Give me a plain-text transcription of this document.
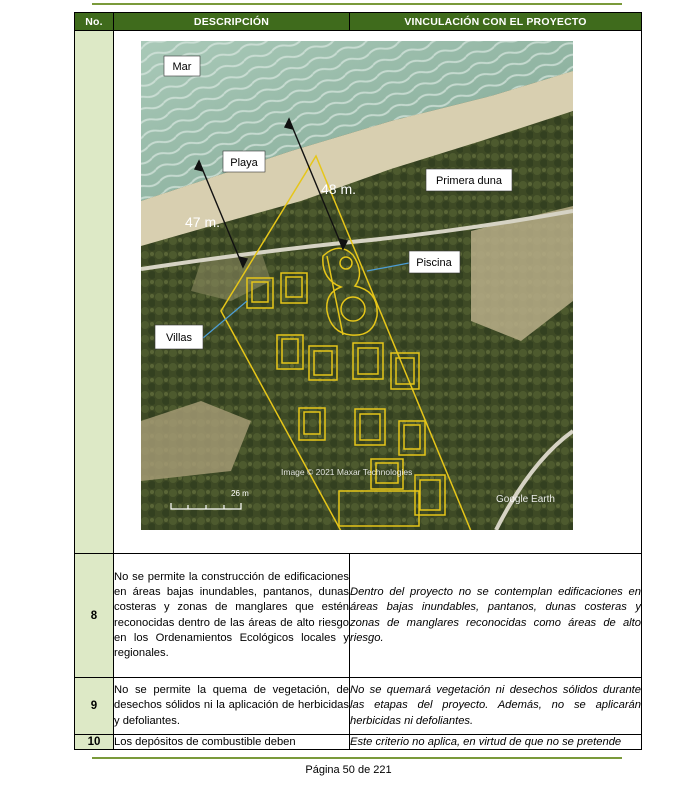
No.	DESCRIPCIÓN	VINCULACIÓN CON EL PROYECTO

8	No se permite la construcción de edificaciones en áreas bajas inundables, pantanos, dunas costeras y zonas de manglares que estén reconocidas dentro de las áreas de alto riesgo en los Ordenamientos Ecológicos locales y regionales.	Dentro del proyecto no se contemplan edificaciones en áreas bajas inundables, pantanos, dunas costeras y zonas de manglares reconocidas como áreas de alto riesgo.
9	No se permite la quema de vegetación, de desechos sólidos ni la aplicación de herbicidas y defoliantes.	No se quemará vegetación ni desechos sólidos durante las etapas del proyecto. Además, no se aplicarán herbicidas ni defoliantes.
10	Los depósitos de combustible deben	Este criterio no aplica, en virtud de que no se pretende
Mar
Playa
Primera duna
Piscina
Villas
48 m.
47 m.
26 m
Image © 2021 Maxar Technologies
Google Earth
Página 50 de 221
